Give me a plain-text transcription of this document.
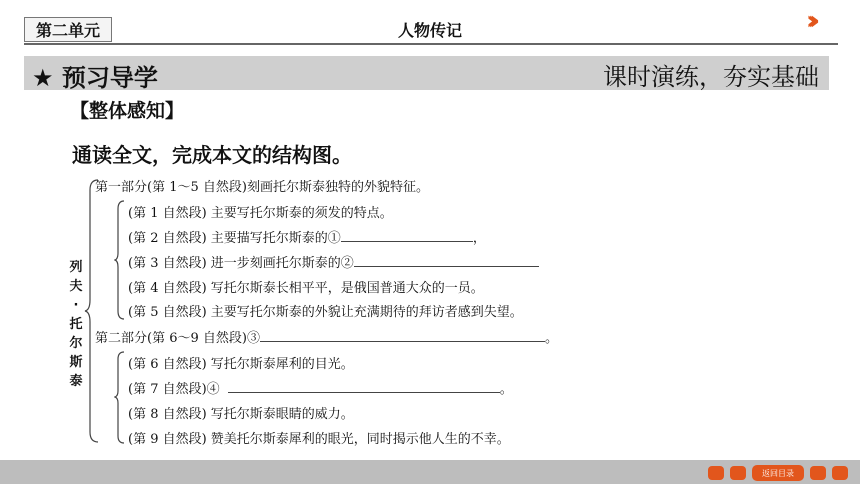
第二单元	人物传记	›››
★ 预习导学	课时演练，夯实基础
【整体感知】
通读全文，完成本文的结构图。
列
夫
·
托
尔
斯
泰
第一部分(第 1～5 自然段)刻画托尔斯泰独特的外貌特征。
(第 1 自然段) 主要写托尔斯泰的须发的特点。
(第 2 自然段) 主要描写托尔斯泰的①	，
(第 3 自然段) 进一步刻画托尔斯泰的②
(第 4 自然段) 写托尔斯泰长相平平，是俄国普通大众的一员。
(第 5 自然段) 主要写托尔斯泰的外貌让充满期待的拜访者感到失望。
第二部分(第 6～9 自然段)③	。
(第 6 自然段) 写托尔斯泰犀利的目光。
(第 7 自然段)④	。
(第 8 自然段) 写托尔斯泰眼睛的威力。
(第 9 自然段) 赞美托尔斯泰犀利的眼光，同时揭示他人生的不幸。
返回目录
